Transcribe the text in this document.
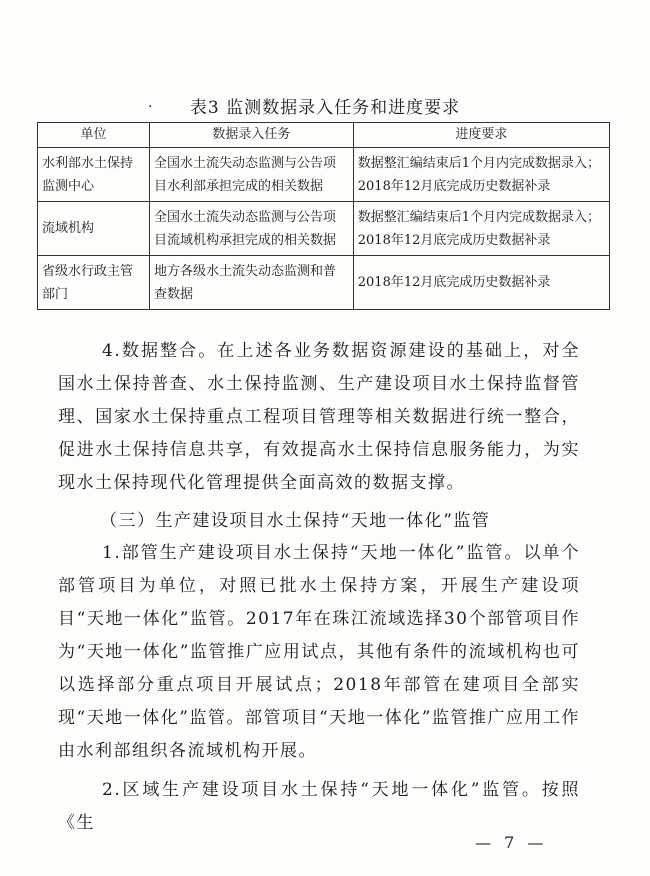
. 表3 监测数据录入任务和进度要求
单位	数据录入任务	进度要求
水利部水土保持监测中心	全国水土流失动态监测与公告项目水利部承担完成的相关数据	数据整汇编结束后1个月内完成数据录入；2018年12月底完成历史数据补录
流域机构	全国水土流失动态监测与公告项目流域机构承担完成的相关数据	数据整汇编结束后1个月内完成数据录入；2018年12月底完成历史数据补录
省级水行政主管部门	地方各级水土流失动态监测和普查数据	2018年12月底完成历史数据补录
4.数据整合。在上述各业务数据资源建设的基础上，对全国水土保持普查、水土保持监测、生产建设项目水土保持监督管理、国家水土保持重点工程项目管理等相关数据进行统一整合，促进水土保持信息共享，有效提高水土保持信息服务能力，为实现水土保持现代化管理提供全面高效的数据支撑。
（三）生产建设项目水土保持“天地一体化”监管
1.部管生产建设项目水土保持“天地一体化”监管。以单个部管项目为单位，对照已批水土保持方案，开展生产建设项目“天地一体化”监管。2017年在珠江流域选择30个部管项目作为“天地一体化”监管推广应用试点，其他有条件的流域机构也可以选择部分重点项目开展试点；2018年部管在建项目全部实现“天地一体化”监管。部管项目“天地一体化”监管推广应用工作由水利部组织各流域机构开展。
2.区域生产建设项目水土保持“天地一体化”监管。按照《生
— 7 —
